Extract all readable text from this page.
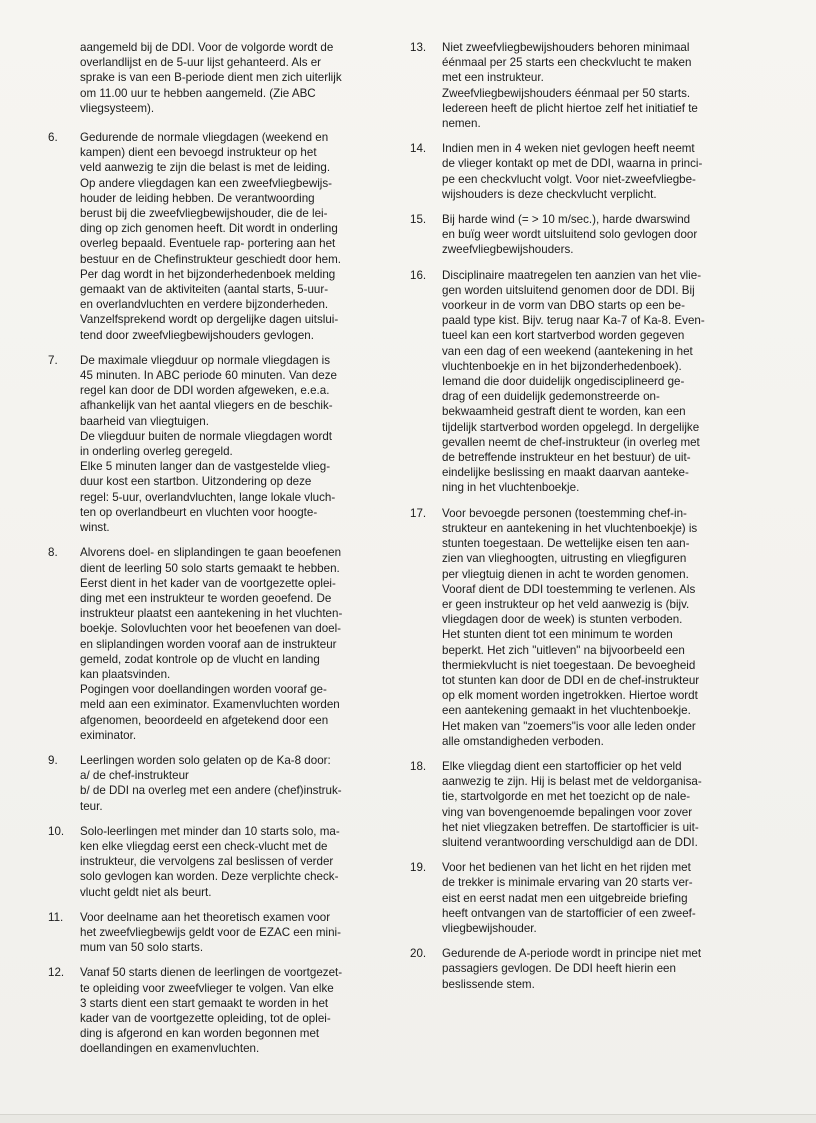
aangemeld bij de DDI. Voor de volgorde wordt de

overlandlijst en de 5-uur lijst gehanteerd. Als er

sprake is van een B-periode dient men zich uiterlijk

om 11.00 uur te hebben aangemeld. (Zie ABC

vliegsysteem).

6.	Gedurende de normale vliegdagen (weekend en

kampen) dient een bevoegd instrukteur op het

veld aanwezig te zijn die belast is met de leiding.

Op andere vliegdagen kan een zweefvliegbewijs-

houder de leiding hebben. De verantwoording

berust bij die zweefvliegbewijshouder, die de lei-

ding op zich genomen heeft. Dit wordt in onderling

overleg bepaald. Eventuele rap- portering aan het

bestuur en de Chefinstrukteur geschiedt door hem.

Per dag wordt in het bijzonderhedenboek melding

gemaakt van de aktiviteiten (aantal starts, 5-uur-

en overlandvluchten en verdere bijzonderheden.

Vanzelfsprekend wordt op dergelijke dagen uitslui-

tend door zweefvliegbewijshouders gevlogen.

7.	De maximale vliegduur op normale vliegdagen is

45 minuten. In ABC periode 60 minuten. Van deze

regel kan door de DDI worden afgeweken, e.e.a.

afhankelijk van het aantal vliegers en de beschik-

baarheid van vliegtuigen.

De vliegduur buiten de normale vliegdagen wordt

in onderling overleg geregeld.

Elke 5 minuten langer dan de vastgestelde vlieg-

duur kost een startbon. Uitzondering op deze

regel: 5-uur, overlandvluchten, lange lokale vluch-

ten op overlandbeurt en vluchten voor hoogte-

winst.

8.	Alvorens doel- en sliplandingen te gaan beoefenen

dient de leerling 50 solo starts gemaakt te hebben.

Eerst dient in het kader van de voortgezette oplei-

ding met een instrukteur te worden geoefend. De

instrukteur plaatst een aantekening in het vluchten-

boekje. Solovluchten voor het beoefenen van doel-

en sliplandingen worden vooraf aan de instrukteur

gemeld, zodat kontrole op de vlucht en landing

kan plaatsvinden.

Pogingen voor doellandingen worden vooraf ge-

meld aan een eximinator. Examenvluchten worden

afgenomen, beoordeeld en afgetekend door een

eximinator.

9.	Leerlingen worden solo gelaten op de Ka-8 door:

a/ de chef-instrukteur

b/ de DDI na overleg met een andere (chef)instruk-

teur.

10.	Solo-leerlingen met minder dan 10 starts solo, ma-

ken elke vliegdag eerst een check-vlucht met de

instrukteur, die vervolgens zal beslissen of verder

solo gevlogen kan worden. Deze verplichte check-

vlucht geldt niet als beurt.

11.	Voor deelname aan het theoretisch examen voor

het zweefvliegbewijs geldt voor de EZAC een mini-

mum van 50 solo starts.

12.	Vanaf 50 starts dienen de leerlingen de voortgezet-

te opleiding voor zweefvlieger te volgen. Van elke

3 starts dient een start gemaakt te worden in het

kader van de voortgezette opleiding, tot de oplei-

ding is afgerond en kan worden begonnen met

doellandingen en examenvluchten.

13.	Niet zweefvliegbewijshouders behoren minimaal

éénmaal per 25 starts een checkvlucht te maken

met een instrukteur.

Zweefvliegbewijshouders éénmaal per 50 starts.

Iedereen heeft de plicht hiertoe zelf het initiatief te

nemen.

14.	Indien men in 4 weken niet gevlogen heeft neemt

de vlieger kontakt op met de DDI, waarna in princi-

pe een checkvlucht volgt. Voor niet-zweefvliegbe-

wijshouders is deze checkvlucht verplicht.

15.	Bij harde wind (= > 10 m/sec.), harde dwarswind

en buïg weer wordt uitsluitend solo gevlogen door

zweefvliegbewijshouders.

16.	Disciplinaire maatregelen ten aanzien van het vlie-

gen worden uitsluitend genomen door de DDI. Bij

voorkeur in de vorm van DBO starts op een be-

paald type kist. Bijv. terug naar Ka-7 of Ka-8. Even-

tueel kan een kort startverbod worden gegeven

van een dag of een weekend (aantekening in het

vluchtenboekje en in het bijzonderhedenboek).

Iemand die door duidelijk ongedisciplineerd ge-

drag of een duidelijk gedemonstreerde on-

bekwaamheid gestraft dient te worden, kan een

tijdelijk startverbod worden opgelegd. In dergelijke

gevallen neemt de chef-instrukteur (in overleg met

de betreffende instrukteur en het bestuur) de uit-

eindelijke beslissing en maakt daarvan aanteke-

ning in het vluchtenboekje.

17.	Voor bevoegde personen (toestemming chef-in-

strukteur en aantekening in het vluchtenboekje) is

stunten toegestaan. De wettelijke eisen ten aan-

zien van vlieghoogten, uitrusting en vliegfiguren

per vliegtuig dienen in acht te worden genomen.

Vooraf dient de DDI toestemming te verlenen. Als

er geen instrukteur op het veld aanwezig is (bijv.

vliegdagen door de week) is stunten verboden.

Het stunten dient tot een minimum te worden

beperkt. Het zich "uitleven" na bijvoorbeeld een

thermiekvlucht is niet toegestaan. De bevoegheid

tot stunten kan door de DDI en de chef-instrukteur

op elk moment worden ingetrokken. Hiertoe wordt

een aantekening gemaakt in het vluchtenboekje.

Het maken van "zoemers"is voor alle leden onder

alle omstandigheden verboden.

18.	Elke vliegdag dient een startofficier op het veld

aanwezig te zijn. Hij is belast met de veldorganisa-

tie, startvolgorde en met het toezicht op de nale-

ving van bovengenoemde bepalingen voor zover

het niet vliegzaken betreffen. De startofficier is uit-

sluitend verantwoording verschuldigd aan de DDI.

19.	Voor het bedienen van het licht en het rijden met

de trekker is minimale ervaring van 20 starts ver-

eist en eerst nadat men een uitgebreide briefing

heeft ontvangen van de startofficier of een zweef-

vliegbewijshouder.

20.	Gedurende de A-periode wordt in principe niet met

passagiers gevlogen. De DDI heeft hierin een

beslissende stem.
